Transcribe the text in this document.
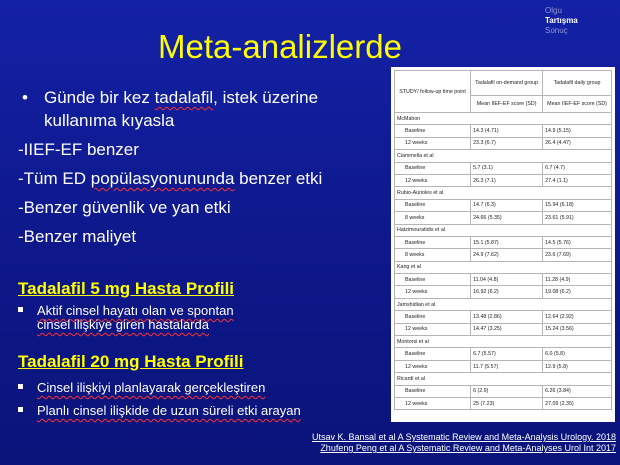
Olgu
Tartışma
Sonuç
Meta-analizlerde
• Günde bir kez tadalafil, istek üzerine kullanıma kıyasla
-IIEF-EF benzer
-Tüm ED popülasyonununda benzer etki
-Benzer güvenlik ve yan etki
-Benzer maliyet
Tadalafil 5 mg Hasta Profili
Aktif cinsel hayatı olan ve spontan cinsel ilişkiye giren hastalarda
Tadalafil 20 mg Hasta Profili
Cinsel ilişkiyi planlayarak gerçekleştiren
Planlı cinsel ilişkide de uzun süreli etki arayan
STUDY/ follow-up time point	Tadalafil on-demand group	Tadalafil daily group
	Mean IIEF-EF score (SD)	Mean IIEF-EF score (SD)
McMahon		
Baseline	14.3 (4.71)	14.9 (5.15)
12 weeks	23.3 (6.7)	26.4 (4.47)
Ciammella et al		
Baseline	5.7 (3.1)	6.7 (4.7)
12 weeks	26.3 (7.1)	27.4 (1.1)
Rubio-Aurioles et al		
Baseline	14.7 (6.3)	15.94 (6.18)
8 weeks	24.66 (5.35)	23.61 (5.91)
Hatzimouratidis et al		
Baseline	15.1 (5.87)	14.5 (5.76)
8 weeks	24.9 (7.62)	23.6 (7.69)
Kang et al		
Baseline	11.04 (4.8)	11.28 (4.9)
12 weeks	16.92 (6.2)	19.08 (6.2)
Jamshidian et al		
Baseline	13.48 (2.86)	12.64 (2.92)
12 weeks	14.47 (3.25)	15.24 (3.56)
Montorsi et al		
Baseline	6.7 (5.57)	6.0 (5.8)
12 weeks	11.7 (5.57)	12.9 (5.8)
Ricardi et al		
Baseline	6 (2.9)	6.26 (3.84)
12 weeks	25 (7.23)	27.09 (2.35)
Utsav K. Bansal et al A Systematic Review and Meta-Analysis Urology. 2018
Zhufeng Peng et al A Systematic Review and Meta-Analyses Urol Int 2017
